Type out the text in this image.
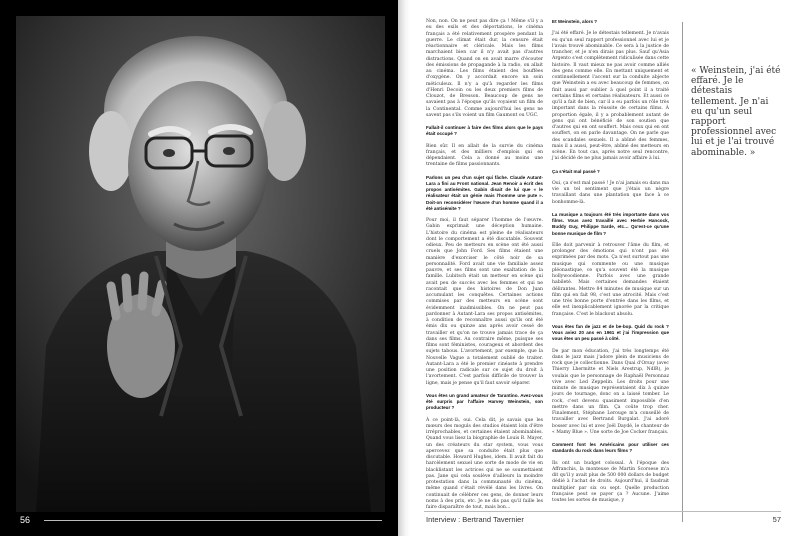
56

Non, non. On ne peut pas dire ça ! Même s'il y a eu des exils et des déportations, le cinéma français a été relativement prospère pendant la guerre. Le climat était dur, la censure était réactionnaire et cléricale. Mais les films marchaient bien car il n'y avait pas d'autres distractions. Quand on en avait marre d'écouter des émissions de propagande à la radio, on allait au cinéma. Les films étaient des bouffées d'oxygène. On y accordait encore un soin méticuleux. Il n'y a qu'à regarder les films d'Henri Decoin ou les deux premiers films de Clouzot, de Bresson. Beaucoup de gens ne savaient pas à l'époque qu'ils voyaient un film de la Continental. Comme aujourd'hui les gens ne savent pas s'ils voient un film Gaumont ou UGC.

Fallait-il continuer à faire des films alors que le pays était occupé ?

Bien sûr. Il en allait de la survie du cinéma français, et des milliers d'emplois qui en dépendaient. Cela a donné au moins une trentaine de films passionnants.

Parlons un peu d'un sujet qui fâche. Claude Autant-Lara a fini au Front national. Jean Renoir a écrit des propos antisémites. Gabin disait de lui que « le réalisateur était un génie mais l'homme une pute ». Doit-on reconsidérer l'œuvre d'un homme quand il a été antisémite ?

Pour moi, il faut séparer l'homme de l'œuvre. Gabin exprimait une déception humaine. L'histoire du cinéma est pleine de réalisateurs dont le comportement a été discutable. Souvent odieux. Peu de metteurs en scène ont été aussi cruels que John Ford. Ses films étaient une manière d'exorciser le côté noir de sa personnalité. Ford avait une vie familiale assez pauvre, et ses films sont une exaltation de la famille. Lubitsch était un metteur en scène qui avait peu de succès avec les femmes et qui ne racontait que des histoires de Don Juan accumulant les conquêtes. Certaines actions commises par des metteurs en scène sont évidemment inadmissibles. On ne peut pas pardonner à Autant-Lara ses propos antisémites, à condition de reconnaître aussi qu'ils ont été émis dix ou quinze ans après avoir cessé de travailler et qu'on ne trouve jamais trace de ça dans ses films. Au contraire même, puisque ses films sont féministes, courageux et abordent des sujets tabous. L'avortement, par exemple, que la Nouvelle Vague a totalement oublié de traiter. Autant-Lara a été le premier cinéaste à prendre une position radicale sur ce sujet du droit à l'avortement. C'est parfois difficile de trouver la ligne, mais je pense qu'il faut savoir séparer.

Vous êtes un grand amateur de Tarantino. Avez-vous été surpris par l'affaire Harvey Weinstein, son producteur ?

À ce point-là, oui. Cela dit, je savais que les mœurs des moguls des studios étaient loin d'être irréprochables, et certaines étaient abominables. Quand vous lisez la biographie de Louis B. Mayer, un des créateurs du star system, vous vous apercevez que sa conduite était plus que discutable. Howard Hughes, idem. Il avait fait du harcèlement sexuel une sorte de mode de vie en blacklistant les actrices qui ne se soumettaient pas. Jane qui cela soulève d'ailleurs la moindre protestation dans la communauté du cinéma, même quand c'était révélé dans les livres. On continuait de célébrer ces gens, de donner leurs noms à des prix, etc. Je ne dis pas qu'il faille les faire disparaître de tout, mais bon…

Et Weinstein, alors ?

J'ai été effaré. Je le détestais tellement. Je n'avais eu qu'un seul rapport professionnel avec lui et je l'avais trouvé abominable. Ce sera à la justice de trancher, et je n'en dirais pas plus. Sauf qu'Asia Argento s'est complètement ridiculisée dans cette histoire. Il vaut mieux ne pas avoir comme alliés des gens comme elle. En mettant uniquement et continuellement l'accent sur la conduite abjecte que Weinstein a eu avec beaucoup de femmes, on finit aussi par oublier à quel point il a traité certains films et certains réalisateurs. Et aussi ce qu'il a fait de bien, car il a eu parfois un rôle très important dans la réussite de certains films. À proportion égale, il y a probablement autant de gens qui ont bénéficié de son soutien que d'autres qui en ont souffert. Mais ceux qui en ont souffert, on en parle davantage. On ne parle que des scandales sexuels. Il a abîmé des femmes, mais il a aussi, peut-être, abîmé des metteurs en scène. En tout cas, après notre seul rencontre, j'ai décidé de ne plus jamais avoir affaire à lui.

Ça s'était mal passé ?

Oui, ça s'est mal passé ! Je n'ai jamais eu dans ma vie un tel sentiment que j'étais un nègre travaillant dans une plantation que face à ce bonhomme-là.

La musique a toujours été très importante dans vos films. Vous avez travaillé avec Herbie Hancock, Buddy Guy, Philippe Sarde, etc… Qu'est-ce qu'une bonne musique de film ?

Elle doit parvenir à retrouver l'âme du film, et prolonger des émotions qui n'ont pas été exprimées par des mots. Ça n'est surtout pas une musique qui commente ou une musique pléonastique, ce qu'a souvent été la musique hollywoodienne. Parfois avec une grande habileté. Mais certaines demandes étaient délirantes. Mettre 84 minutes de musique sur un film qui en fait 98, c'est une atrocité. Mais c'est une très bonne porte d'entrée dans les films, et elle est inexplicablement ignorée par la critique française. C'est le blackout absolu.

Vous êtes fan de jazz et de be-bop. Quid du rock ? Vous aviez 20 ans en 1961 et j'ai l'impression que vous êtes un peu passé à côté.

De par mon éducation, j'ai très longtemps été dans le jazz mais j'adore plein de musiciens de rock que je collectionne. Dans Quai d'Orsay (avec Thierry Lhermitte et Niels Arestrup, NdlR), je voulais que le personnage de Raphaël Personnaz vive avec Led Zeppelin. Les droits pour une minute de musique représentaient dix à quinze jours de tournage, donc on a laissé tomber. Le rock, c'est devenu quasiment impossible d'en mettre dans un film. Ça coûte trop cher. Finalement, Stéphane Lerouge m'a conseillé de travailler avec Bertrand Burgalat. J'ai adoré bosser avec lui et avec Joël Daydé, le chanteur de « Mamy Blue ». Une sorte de Joe Cocker français.

Comment font les Américains pour utiliser ces standards du rock dans leurs films ?

Ils ont un budget colossal. À l'époque des Affranchis, la monteuse de Martin Scorsese m'a dit qu'il y avait plus de 500 000 dollars de budget dédié à l'achat de droits. Aujourd'hui, il faudrait multiplier par six ou sept. Quelle production française peut se payer ça ? Aucune. J'aime toutes les sortes de musique, y

« Weinstein, j'ai été effaré. Je le détestais tellement. Je n'ai eu qu'un seul rapport professionnel avec lui et je l'ai trouvé abominable. »
Interview : Bertrand Tavernier	57
